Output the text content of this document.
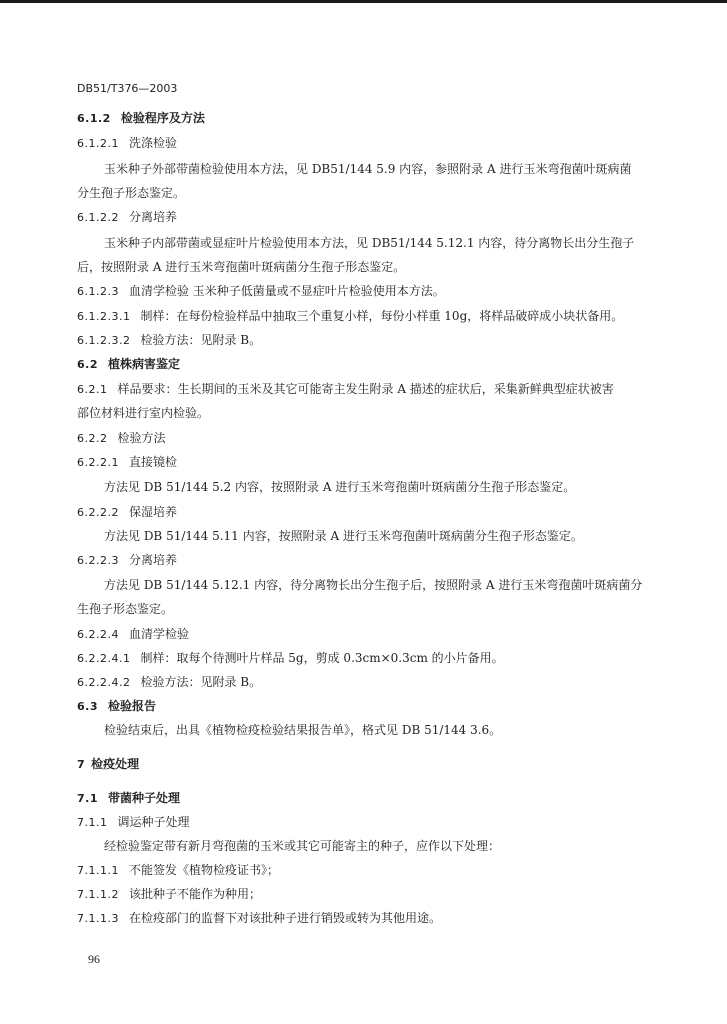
DB51/T376—2003
6.1.2 检验程序及方法
6.1.2.1 洗涤检验
玉米种子外部带菌检验使用本方法，见 DB51/144 5.9 内容，参照附录 A 进行玉米弯孢菌叶斑病菌
分生孢子形态鉴定。
6.1.2.2 分离培养
玉米种子内部带菌或显症叶片检验使用本方法，见 DB51/144 5.12.1 内容，待分离物长出分生孢子
后，按照附录 A 进行玉米弯孢菌叶斑病菌分生孢子形态鉴定。
6.1.2.3 血清学检验 玉米种子低菌量或不显症叶片检验使用本方法。
6.1.2.3.1 制样：在每份检验样品中抽取三个重复小样，每份小样重 10g，将样品破碎成小块状备用。
6.1.2.3.2 检验方法：见附录 B。
6.2 植株病害鉴定
6.2.1 样品要求：生长期间的玉米及其它可能寄主发生附录 A 描述的症状后，采集新鲜典型症状被害
部位材料进行室内检验。
6.2.2 检验方法
6.2.2.1 直接镜检
方法见 DB 51/144 5.2 内容，按照附录 A 进行玉米弯孢菌叶斑病菌分生孢子形态鉴定。
6.2.2.2 保湿培养
方法见 DB 51/144 5.11 内容，按照附录 A 进行玉米弯孢菌叶斑病菌分生孢子形态鉴定。
6.2.2.3 分离培养
方法见 DB 51/144 5.12.1 内容，待分离物长出分生孢子后，按照附录 A 进行玉米弯孢菌叶斑病菌分
生孢子形态鉴定。
6.2.2.4 血清学检验
6.2.2.4.1 制样：取每个待测叶片样品 5g，剪成 0.3cm×0.3cm 的小片备用。
6.2.2.4.2 检验方法：见附录 B。
6.3 检验报告
检验结束后，出具《植物检疫检验结果报告单》，格式见 DB 51/144 3.6。
7 检疫处理
7.1 带菌种子处理
7.1.1 调运种子处理
经检验鉴定带有新月弯孢菌的玉米或其它可能寄主的种子，应作以下处理：
7.1.1.1 不能签发《植物检疫证书》；
7.1.1.2 该批种子不能作为种用；
7.1.1.3 在检疫部门的监督下对该批种子进行销毁或转为其他用途。
96
